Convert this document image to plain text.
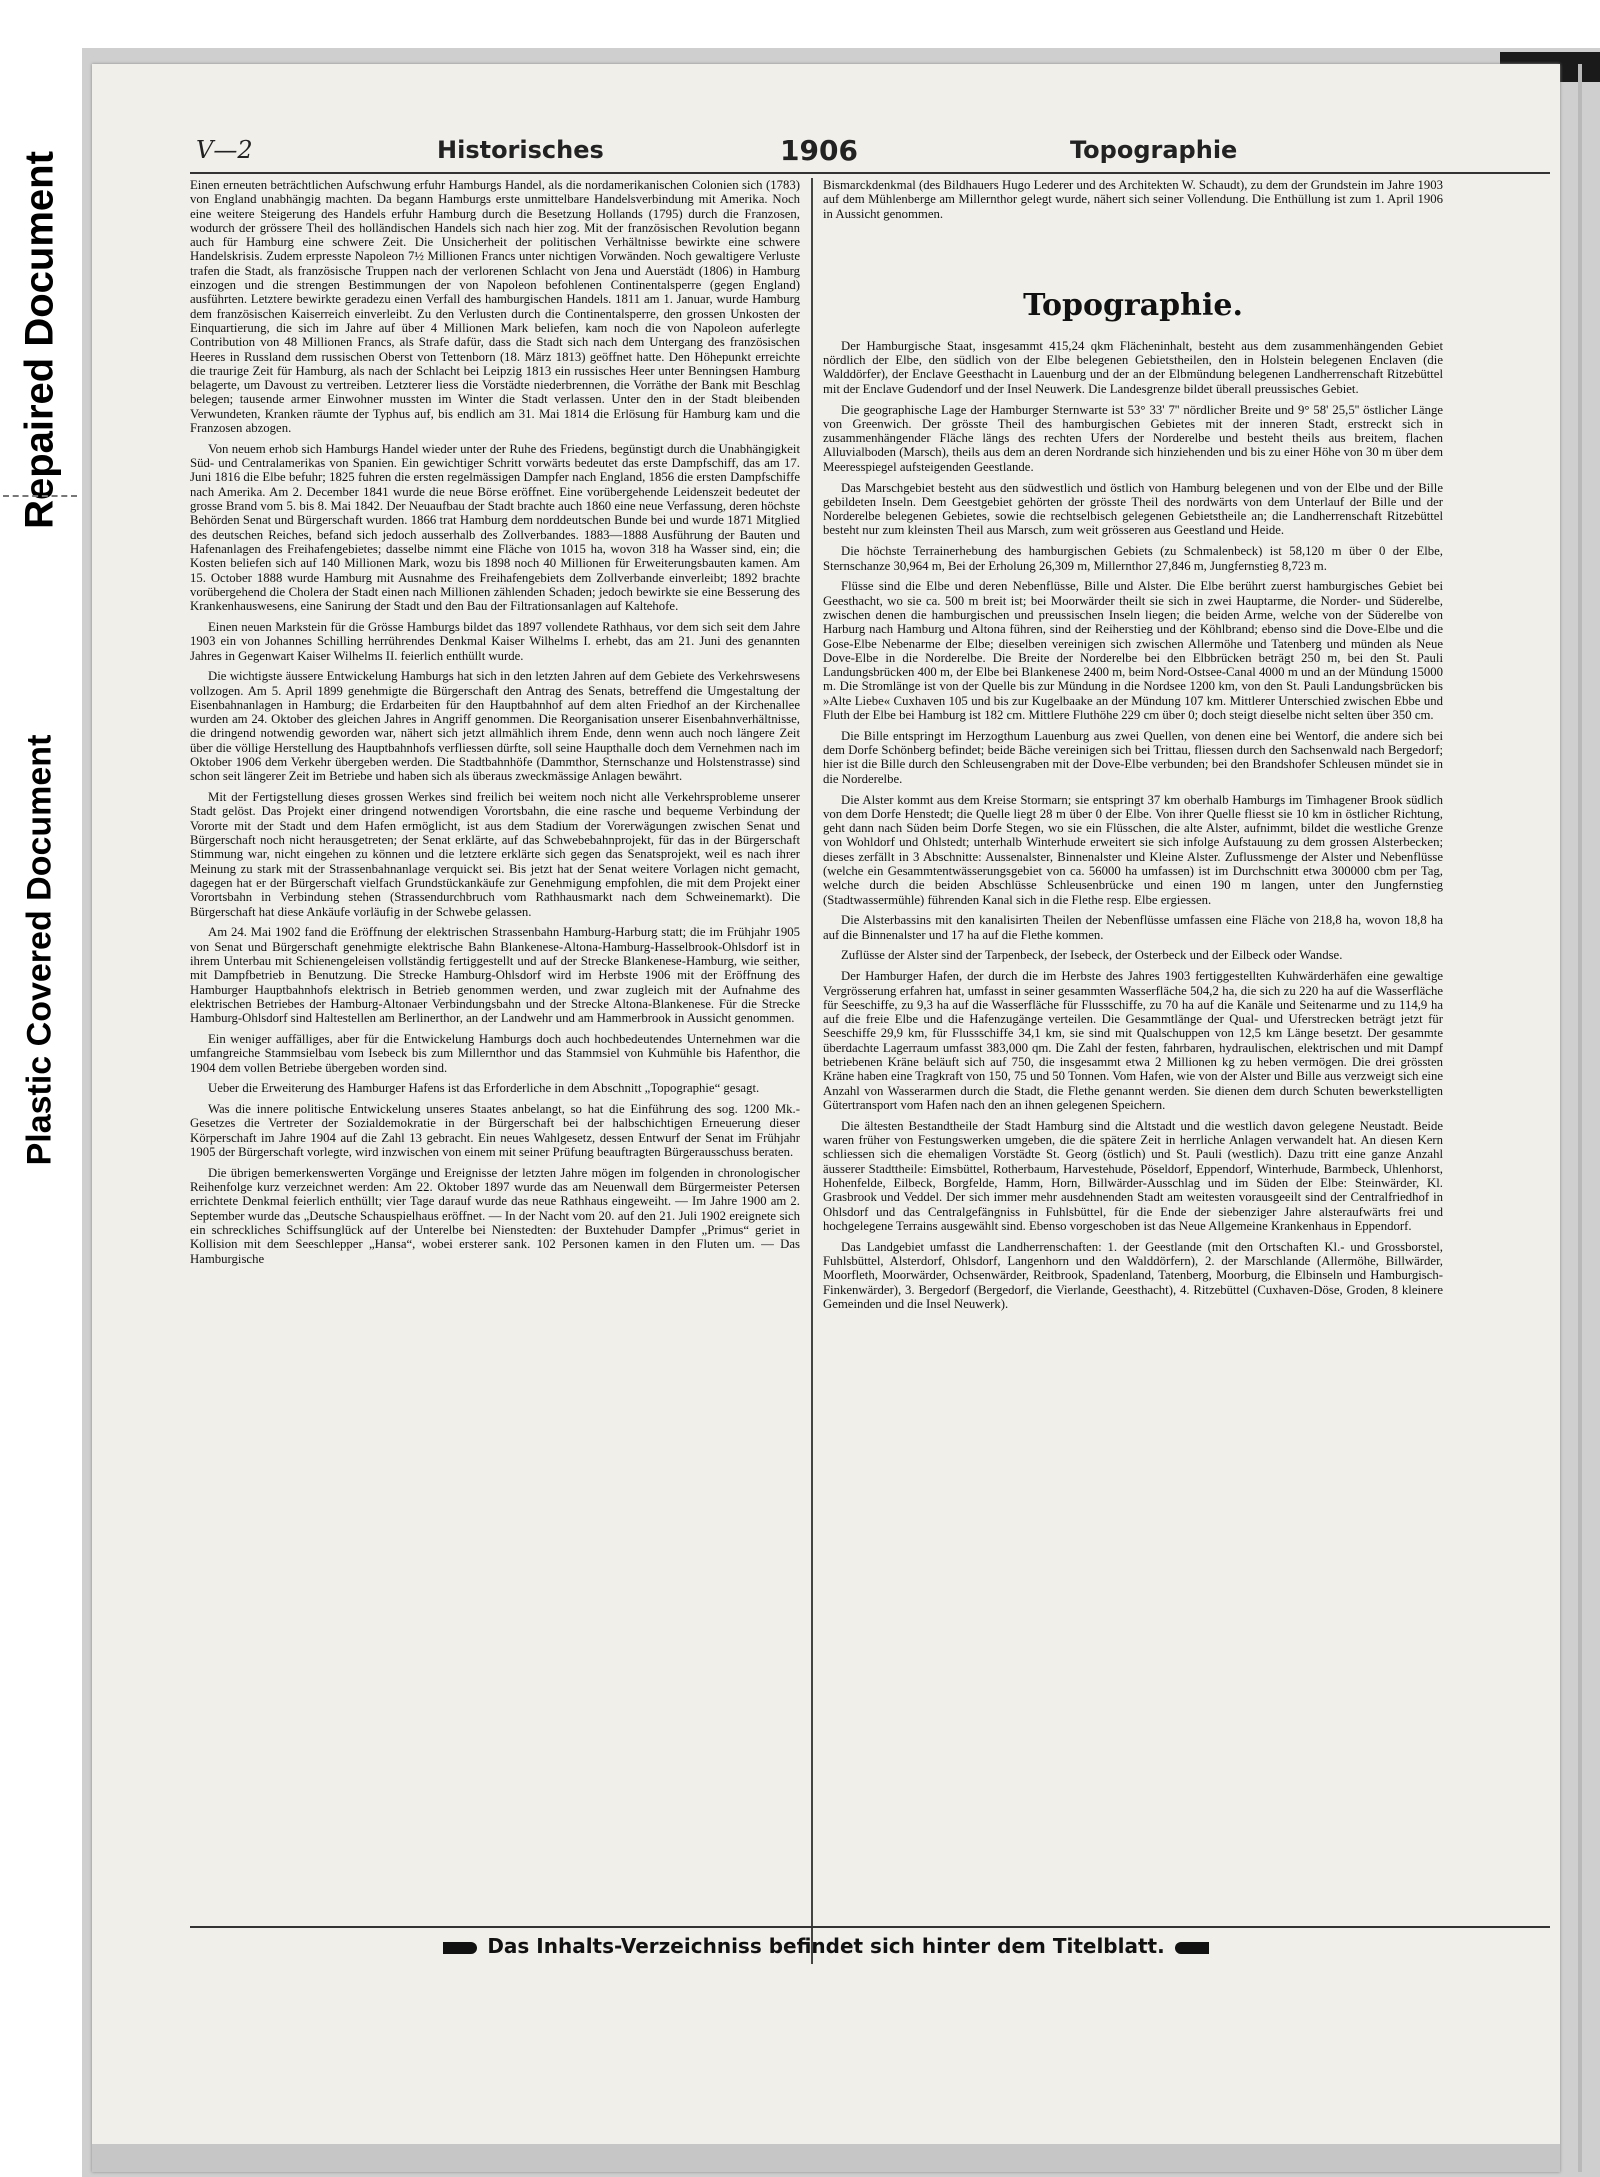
Repaired Document
Plastic Covered Document
V—2	Historisches	1906	Topographie

Einen erneuten beträchtlichen Aufschwung erfuhr Hamburgs Handel, als die nordamerikanischen Colonien sich (1783) von England unabhängig machten. Da begann Hamburgs erste unmittelbare Handelsverbindung mit Amerika. Noch eine weitere Steigerung des Handels erfuhr Hamburg durch die Besetzung Hollands (1795) durch die Franzosen, wodurch der grössere Theil des holländischen Handels sich nach hier zog. Mit der französischen Revolution begann auch für Hamburg eine schwere Zeit. Die Unsicherheit der politischen Verhältnisse bewirkte eine schwere Handelskrisis. Zudem erpresste Napoleon 7½ Millionen Francs unter nichtigen Vorwänden. Noch gewaltigere Verluste trafen die Stadt, als französische Truppen nach der verlorenen Schlacht von Jena und Auerstädt (1806) in Hamburg einzogen und die strengen Bestimmungen der von Napoleon befohlenen Continentalsperre (gegen England) ausführten. Letztere bewirkte geradezu einen Verfall des hamburgischen Handels. 1811 am 1. Januar, wurde Hamburg dem französischen Kaiserreich einverleibt. Zu den Verlusten durch die Continentalsperre, den grossen Unkosten der Einquartierung, die sich im Jahre auf über 4 Millionen Mark beliefen, kam noch die von Napoleon auferlegte Contribution von 48 Millionen Francs, als Strafe dafür, dass die Stadt sich nach dem Untergang des französischen Heeres in Russland dem russischen Oberst von Tettenborn (18. März 1813) geöffnet hatte. Den Höhepunkt erreichte die traurige Zeit für Hamburg, als nach der Schlacht bei Leipzig 1813 ein russisches Heer unter Benningsen Hamburg belagerte, um Davoust zu vertreiben. Letzterer liess die Vorstädte niederbrennen, die Vorräthe der Bank mit Beschlag belegen; tausende armer Einwohner mussten im Winter die Stadt verlassen. Unter den in der Stadt bleibenden Verwundeten, Kranken räumte der Typhus auf, bis endlich am 31. Mai 1814 die Erlösung für Hamburg kam und die Franzosen abzogen.

Von neuem erhob sich Hamburgs Handel wieder unter der Ruhe des Friedens, begünstigt durch die Unabhängigkeit Süd- und Centralamerikas von Spanien. Ein gewichtiger Schritt vorwärts bedeutet das erste Dampfschiff, das am 17. Juni 1816 die Elbe befuhr; 1825 fuhren die ersten regelmässigen Dampfer nach England, 1856 die ersten Dampfschiffe nach Amerika. Am 2. December 1841 wurde die neue Börse eröffnet. Eine vorübergehende Leidenszeit bedeutet der grosse Brand vom 5. bis 8. Mai 1842. Der Neuaufbau der Stadt brachte auch 1860 eine neue Verfassung, deren höchste Behörden Senat und Bürgerschaft wurden. 1866 trat Hamburg dem norddeutschen Bunde bei und wurde 1871 Mitglied des deutschen Reiches, befand sich jedoch ausserhalb des Zollverbandes. 1883—1888 Ausführung der Bauten und Hafenanlagen des Freihafengebietes; dasselbe nimmt eine Fläche von 1015 ha, wovon 318 ha Wasser sind, ein; die Kosten beliefen sich auf 140 Millionen Mark, wozu bis 1898 noch 40 Millionen für Erweiterungsbauten kamen. Am 15. October 1888 wurde Hamburg mit Ausnahme des Freihafengebiets dem Zollverbande einverleibt; 1892 brachte vorübergehend die Cholera der Stadt einen nach Millionen zählenden Schaden; jedoch bewirkte sie eine Besserung des Krankenhauswesens, eine Sanirung der Stadt und den Bau der Filtrationsanlagen auf Kaltehofe.

Einen neuen Markstein für die Grösse Hamburgs bildet das 1897 vollendete Rathhaus, vor dem sich seit dem Jahre 1903 ein von Johannes Schilling herrührendes Denkmal Kaiser Wilhelms I. erhebt, das am 21. Juni des genannten Jahres in Gegenwart Kaiser Wilhelms II. feierlich enthüllt wurde.

Die wichtigste äussere Entwickelung Hamburgs hat sich in den letzten Jahren auf dem Gebiete des Verkehrswesens vollzogen. Am 5. April 1899 genehmigte die Bürgerschaft den Antrag des Senats, betreffend die Umgestaltung der Eisenbahnanlagen in Hamburg; die Erdarbeiten für den Hauptbahnhof auf dem alten Friedhof an der Kirchenallee wurden am 24. Oktober des gleichen Jahres in Angriff genommen. Die Reorganisation unserer Eisenbahnverhältnisse, die dringend notwendig geworden war, nähert sich jetzt allmählich ihrem Ende, denn wenn auch noch längere Zeit über die völlige Herstellung des Hauptbahnhofs verfliessen dürfte, soll seine Haupthalle doch dem Vernehmen nach im Oktober 1906 dem Verkehr übergeben werden. Die Stadtbahnhöfe (Dammthor, Sternschanze und Holstenstrasse) sind schon seit längerer Zeit im Betriebe und haben sich als überaus zweckmässige Anlagen bewährt.

Mit der Fertigstellung dieses grossen Werkes sind freilich bei weitem noch nicht alle Verkehrsprobleme unserer Stadt gelöst. Das Projekt einer dringend notwendigen Vorortsbahn, die eine rasche und bequeme Verbindung der Vororte mit der Stadt und dem Hafen ermöglicht, ist aus dem Stadium der Vorerwägungen zwischen Senat und Bürgerschaft noch nicht herausgetreten; der Senat erklärte, auf das Schwebebahnprojekt, für das in der Bürgerschaft Stimmung war, nicht eingehen zu können und die letztere erklärte sich gegen das Senatsprojekt, weil es nach ihrer Meinung zu stark mit der Strassenbahnanlage verquickt sei. Bis jetzt hat der Senat weitere Vorlagen nicht gemacht, dagegen hat er der Bürgerschaft vielfach Grundstückankäufe zur Genehmigung empfohlen, die mit dem Projekt einer Vorortsbahn in Verbindung stehen (Strassendurchbruch vom Rathhausmarkt nach dem Schweinemarkt). Die Bürgerschaft hat diese Ankäufe vorläufig in der Schwebe gelassen.

Am 24. Mai 1902 fand die Eröffnung der elektrischen Strassenbahn Hamburg-Harburg statt; die im Frühjahr 1905 von Senat und Bürgerschaft genehmigte elektrische Bahn Blankenese-Altona-Hamburg-Hasselbrook-Ohlsdorf ist in ihrem Unterbau mit Schienengeleisen vollständig fertiggestellt und auf der Strecke Blankenese-Hamburg, wie seither, mit Dampfbetrieb in Benutzung. Die Strecke Hamburg-Ohlsdorf wird im Herbste 1906 mit der Eröffnung des Hamburger Hauptbahnhofs elektrisch in Betrieb genommen werden, und zwar zugleich mit der Aufnahme des elektrischen Betriebes der Hamburg-Altonaer Verbindungsbahn und der Strecke Altona-Blankenese. Für die Strecke Hamburg-Ohlsdorf sind Haltestellen am Berlinerthor, an der Landwehr und am Hammerbrook in Aussicht genommen.

Ein weniger auffälliges, aber für die Entwickelung Hamburgs doch auch hochbedeutendes Unternehmen war die umfangreiche Stammsielbau vom Isebeck bis zum Millernthor und das Stammsiel von Kuhmühle bis Hafenthor, die 1904 dem vollen Betriebe übergeben worden sind.

Ueber die Erweiterung des Hamburger Hafens ist das Erforderliche in dem Abschnitt „Topographie“ gesagt.

Was die innere politische Entwickelung unseres Staates anbelangt, so hat die Einführung des sog. 1200 Mk.-Gesetzes die Vertreter der Sozialdemokratie in der Bürgerschaft bei der halbschichtigen Erneuerung dieser Körperschaft im Jahre 1904 auf die Zahl 13 gebracht. Ein neues Wahlgesetz, dessen Entwurf der Senat im Frühjahr 1905 der Bürgerschaft vorlegte, wird inzwischen von einem mit seiner Prüfung beauftragten Bürgerausschuss beraten.

Die übrigen bemerkenswerten Vorgänge und Ereignisse der letzten Jahre mögen im folgenden in chronologischer Reihenfolge kurz verzeichnet werden: Am 22. Oktober 1897 wurde das am Neuenwall dem Bürgermeister Petersen errichtete Denkmal feierlich enthüllt; vier Tage darauf wurde das neue Rathhaus eingeweiht. — Im Jahre 1900 am 2. September wurde das „Deutsche Schauspielhaus eröffnet. — In der Nacht vom 20. auf den 21. Juli 1902 ereignete sich ein schreckliches Schiffsunglück auf der Unterelbe bei Nienstedten: der Buxtehuder Dampfer „Primus“ geriet in Kollision mit dem Seeschlepper „Hansa“, wobei ersterer sank. 102 Personen kamen in den Fluten um. — Das Hamburgische

Bismarckdenkmal (des Bildhauers Hugo Lederer und des Architekten W. Schaudt), zu dem der Grundstein im Jahre 1903 auf dem Mühlenberge am Millernthor gelegt wurde, nähert sich seiner Vollendung. Die Enthüllung ist zum 1. April 1906 in Aussicht genommen.

Topographie.

Der Hamburgische Staat, insgesammt 415,24 qkm Flächeninhalt, besteht aus dem zusammenhängenden Gebiet nördlich der Elbe, den südlich von der Elbe belegenen Gebietstheilen, den in Holstein belegenen Enclaven (die Walddörfer), der Enclave Geesthacht in Lauenburg und der an der Elbmündung belegenen Landherrenschaft Ritzebüttel mit der Enclave Gudendorf und der Insel Neuwerk. Die Landesgrenze bildet überall preussisches Gebiet.

Die geographische Lage der Hamburger Sternwarte ist 53° 33' 7'' nördlicher Breite und 9° 58' 25,5'' östlicher Länge von Greenwich. Der grösste Theil des hamburgischen Gebietes mit der inneren Stadt, erstreckt sich in zusammenhängender Fläche längs des rechten Ufers der Norderelbe und besteht theils aus breitem, flachen Alluvialboden (Marsch), theils aus dem an deren Nordrande sich hinziehenden und bis zu einer Höhe von 30 m über dem Meeresspiegel aufsteigenden Geestlande.

Das Marschgebiet besteht aus den südwestlich und östlich von Hamburg belegenen und von der Elbe und der Bille gebildeten Inseln. Dem Geestgebiet gehörten der grösste Theil des nordwärts von dem Unterlauf der Bille und der Norderelbe belegenen Gebietes, sowie die rechtselbisch gelegenen Gebietstheile an; die Landherrenschaft Ritzebüttel besteht nur zum kleinsten Theil aus Marsch, zum weit grösseren aus Geestland und Heide.

Die höchste Terrainerhebung des hamburgischen Gebiets (zu Schmalenbeck) ist 58,120 m über 0 der Elbe, Sternschanze 30,964 m, Bei der Erholung 26,309 m, Millernthor 27,846 m, Jungfernstieg 8,723 m.

Flüsse sind die Elbe und deren Nebenflüsse, Bille und Alster. Die Elbe berührt zuerst hamburgisches Gebiet bei Geesthacht, wo sie ca. 500 m breit ist; bei Moorwärder theilt sie sich in zwei Hauptarme, die Norder- und Süderelbe, zwischen denen die hamburgischen und preussischen Inseln liegen; die beiden Arme, welche von der Süderelbe von Harburg nach Hamburg und Altona führen, sind der Reiherstieg und der Köhlbrand; ebenso sind die Dove-Elbe und die Gose-Elbe Nebenarme der Elbe; dieselben vereinigen sich zwischen Allermöhe und Tatenberg und münden als Neue Dove-Elbe in die Norderelbe. Die Breite der Norderelbe bei den Elbbrücken beträgt 250 m, bei den St. Pauli Landungsbrücken 400 m, der Elbe bei Blankenese 2400 m, beim Nord-Ostsee-Canal 4000 m und an der Mündung 15000 m. Die Stromlänge ist von der Quelle bis zur Mündung in die Nordsee 1200 km, von den St. Pauli Landungsbrücken bis »Alte Liebe« Cuxhaven 105 und bis zur Kugelbaake an der Mündung 107 km. Mittlerer Unterschied zwischen Ebbe und Fluth der Elbe bei Hamburg ist 182 cm. Mittlere Fluthöhe 229 cm über 0; doch steigt dieselbe nicht selten über 350 cm.

Die Bille entspringt im Herzogthum Lauenburg aus zwei Quellen, von denen eine bei Wentorf, die andere sich bei dem Dorfe Schönberg befindet; beide Bäche vereinigen sich bei Trittau, fliessen durch den Sachsenwald nach Bergedorf; hier ist die Bille durch den Schleusengraben mit der Dove-Elbe verbunden; bei den Brandshofer Schleusen mündet sie in die Norderelbe.

Die Alster kommt aus dem Kreise Stormarn; sie entspringt 37 km oberhalb Hamburgs im Timhagener Brook südlich von dem Dorfe Henstedt; die Quelle liegt 28 m über 0 der Elbe. Von ihrer Quelle fliesst sie 10 km in östlicher Richtung, geht dann nach Süden beim Dorfe Stegen, wo sie ein Flüsschen, die alte Alster, aufnimmt, bildet die westliche Grenze von Wohldorf und Ohlstedt; unterhalb Winterhude erweitert sie sich infolge Aufstauung zu dem grossen Alsterbecken; dieses zerfällt in 3 Abschnitte: Aussenalster, Binnenalster und Kleine Alster. Zuflussmenge der Alster und Nebenflüsse (welche ein Gesammtentwässerungsgebiet von ca. 56000 ha umfassen) ist im Durchschnitt etwa 300000 cbm per Tag, welche durch die beiden Abschlüsse Schleusenbrücke und einen 190 m langen, unter den Jungfernstieg (Stadtwassermühle) führenden Kanal sich in die Flethe resp. Elbe ergiessen.

Die Alsterbassins mit den kanalisirten Theilen der Nebenflüsse umfassen eine Fläche von 218,8 ha, wovon 18,8 ha auf die Binnenalster und 17 ha auf die Flethe kommen.

Zuflüsse der Alster sind der Tarpenbeck, der Isebeck, der Osterbeck und der Eilbeck oder Wandse.

Der Hamburger Hafen, der durch die im Herbste des Jahres 1903 fertiggestellten Kuhwärderhäfen eine gewaltige Vergrösserung erfahren hat, umfasst in seiner gesammten Wasserfläche 504,2 ha, die sich zu 220 ha auf die Wasserfläche für Seeschiffe, zu 9,3 ha auf die Wasserfläche für Flussschiffe, zu 70 ha auf die Kanäle und Seitenarme und zu 114,9 ha auf die freie Elbe und die Hafenzugänge verteilen. Die Gesammtlänge der Qual- und Uferstrecken beträgt jetzt für Seeschiffe 29,9 km, für Flussschiffe 34,1 km, sie sind mit Qualschuppen von 12,5 km Länge besetzt. Der gesammte überdachte Lagerraum umfasst 383,000 qm. Die Zahl der festen, fahrbaren, hydraulischen, elektrischen und mit Dampf betriebenen Kräne beläuft sich auf 750, die insgesammt etwa 2 Millionen kg zu heben vermögen. Die drei grössten Kräne haben eine Tragkraft von 150, 75 und 50 Tonnen. Vom Hafen, wie von der Alster und Bille aus verzweigt sich eine Anzahl von Wasserarmen durch die Stadt, die Flethe genannt werden. Sie dienen dem durch Schuten bewerkstelligten Gütertransport vom Hafen nach den an ihnen gelegenen Speichern.

Die ältesten Bestandtheile der Stadt Hamburg sind die Altstadt und die westlich davon gelegene Neustadt. Beide waren früher von Festungswerken umgeben, die die spätere Zeit in herrliche Anlagen verwandelt hat. An diesen Kern schliessen sich die ehemaligen Vorstädte St. Georg (östlich) und St. Pauli (westlich). Dazu tritt eine ganze Anzahl äusserer Stadttheile: Eimsbüttel, Rotherbaum, Harvestehude, Pöseldorf, Eppendorf, Winterhude, Barmbeck, Uhlenhorst, Hohenfelde, Eilbeck, Borgfelde, Hamm, Horn, Billwärder-Ausschlag und im Süden der Elbe: Steinwärder, Kl. Grasbrook und Veddel. Der sich immer mehr ausdehnenden Stadt am weitesten vorausgeeilt sind der Centralfriedhof in Ohlsdorf und das Centralgefängniss in Fuhlsbüttel, für die Ende der siebenziger Jahre alsteraufwärts frei und hochgelegene Terrains ausgewählt sind. Ebenso vorgeschoben ist das Neue Allgemeine Krankenhaus in Eppendorf.

Das Landgebiet umfasst die Landherrenschaften: 1. der Geestlande (mit den Ortschaften Kl.- und Grossborstel, Fuhlsbüttel, Alsterdorf, Ohlsdorf, Langenhorn und den Walddörfern), 2. der Marschlande (Allermöhe, Billwärder, Moorfleth, Moorwärder, Ochsenwärder, Reitbrook, Spadenland, Tatenberg, Moorburg, die Elbinseln und Hamburgisch-Finkenwärder), 3. Bergedorf (Bergedorf, die Vierlande, Geesthacht), 4. Ritzebüttel (Cuxhaven-Döse, Groden, 8 kleinere Gemeinden und die Insel Neuwerk).

Das Inhalts-Verzeichniss befindet sich hinter dem Titelblatt.
